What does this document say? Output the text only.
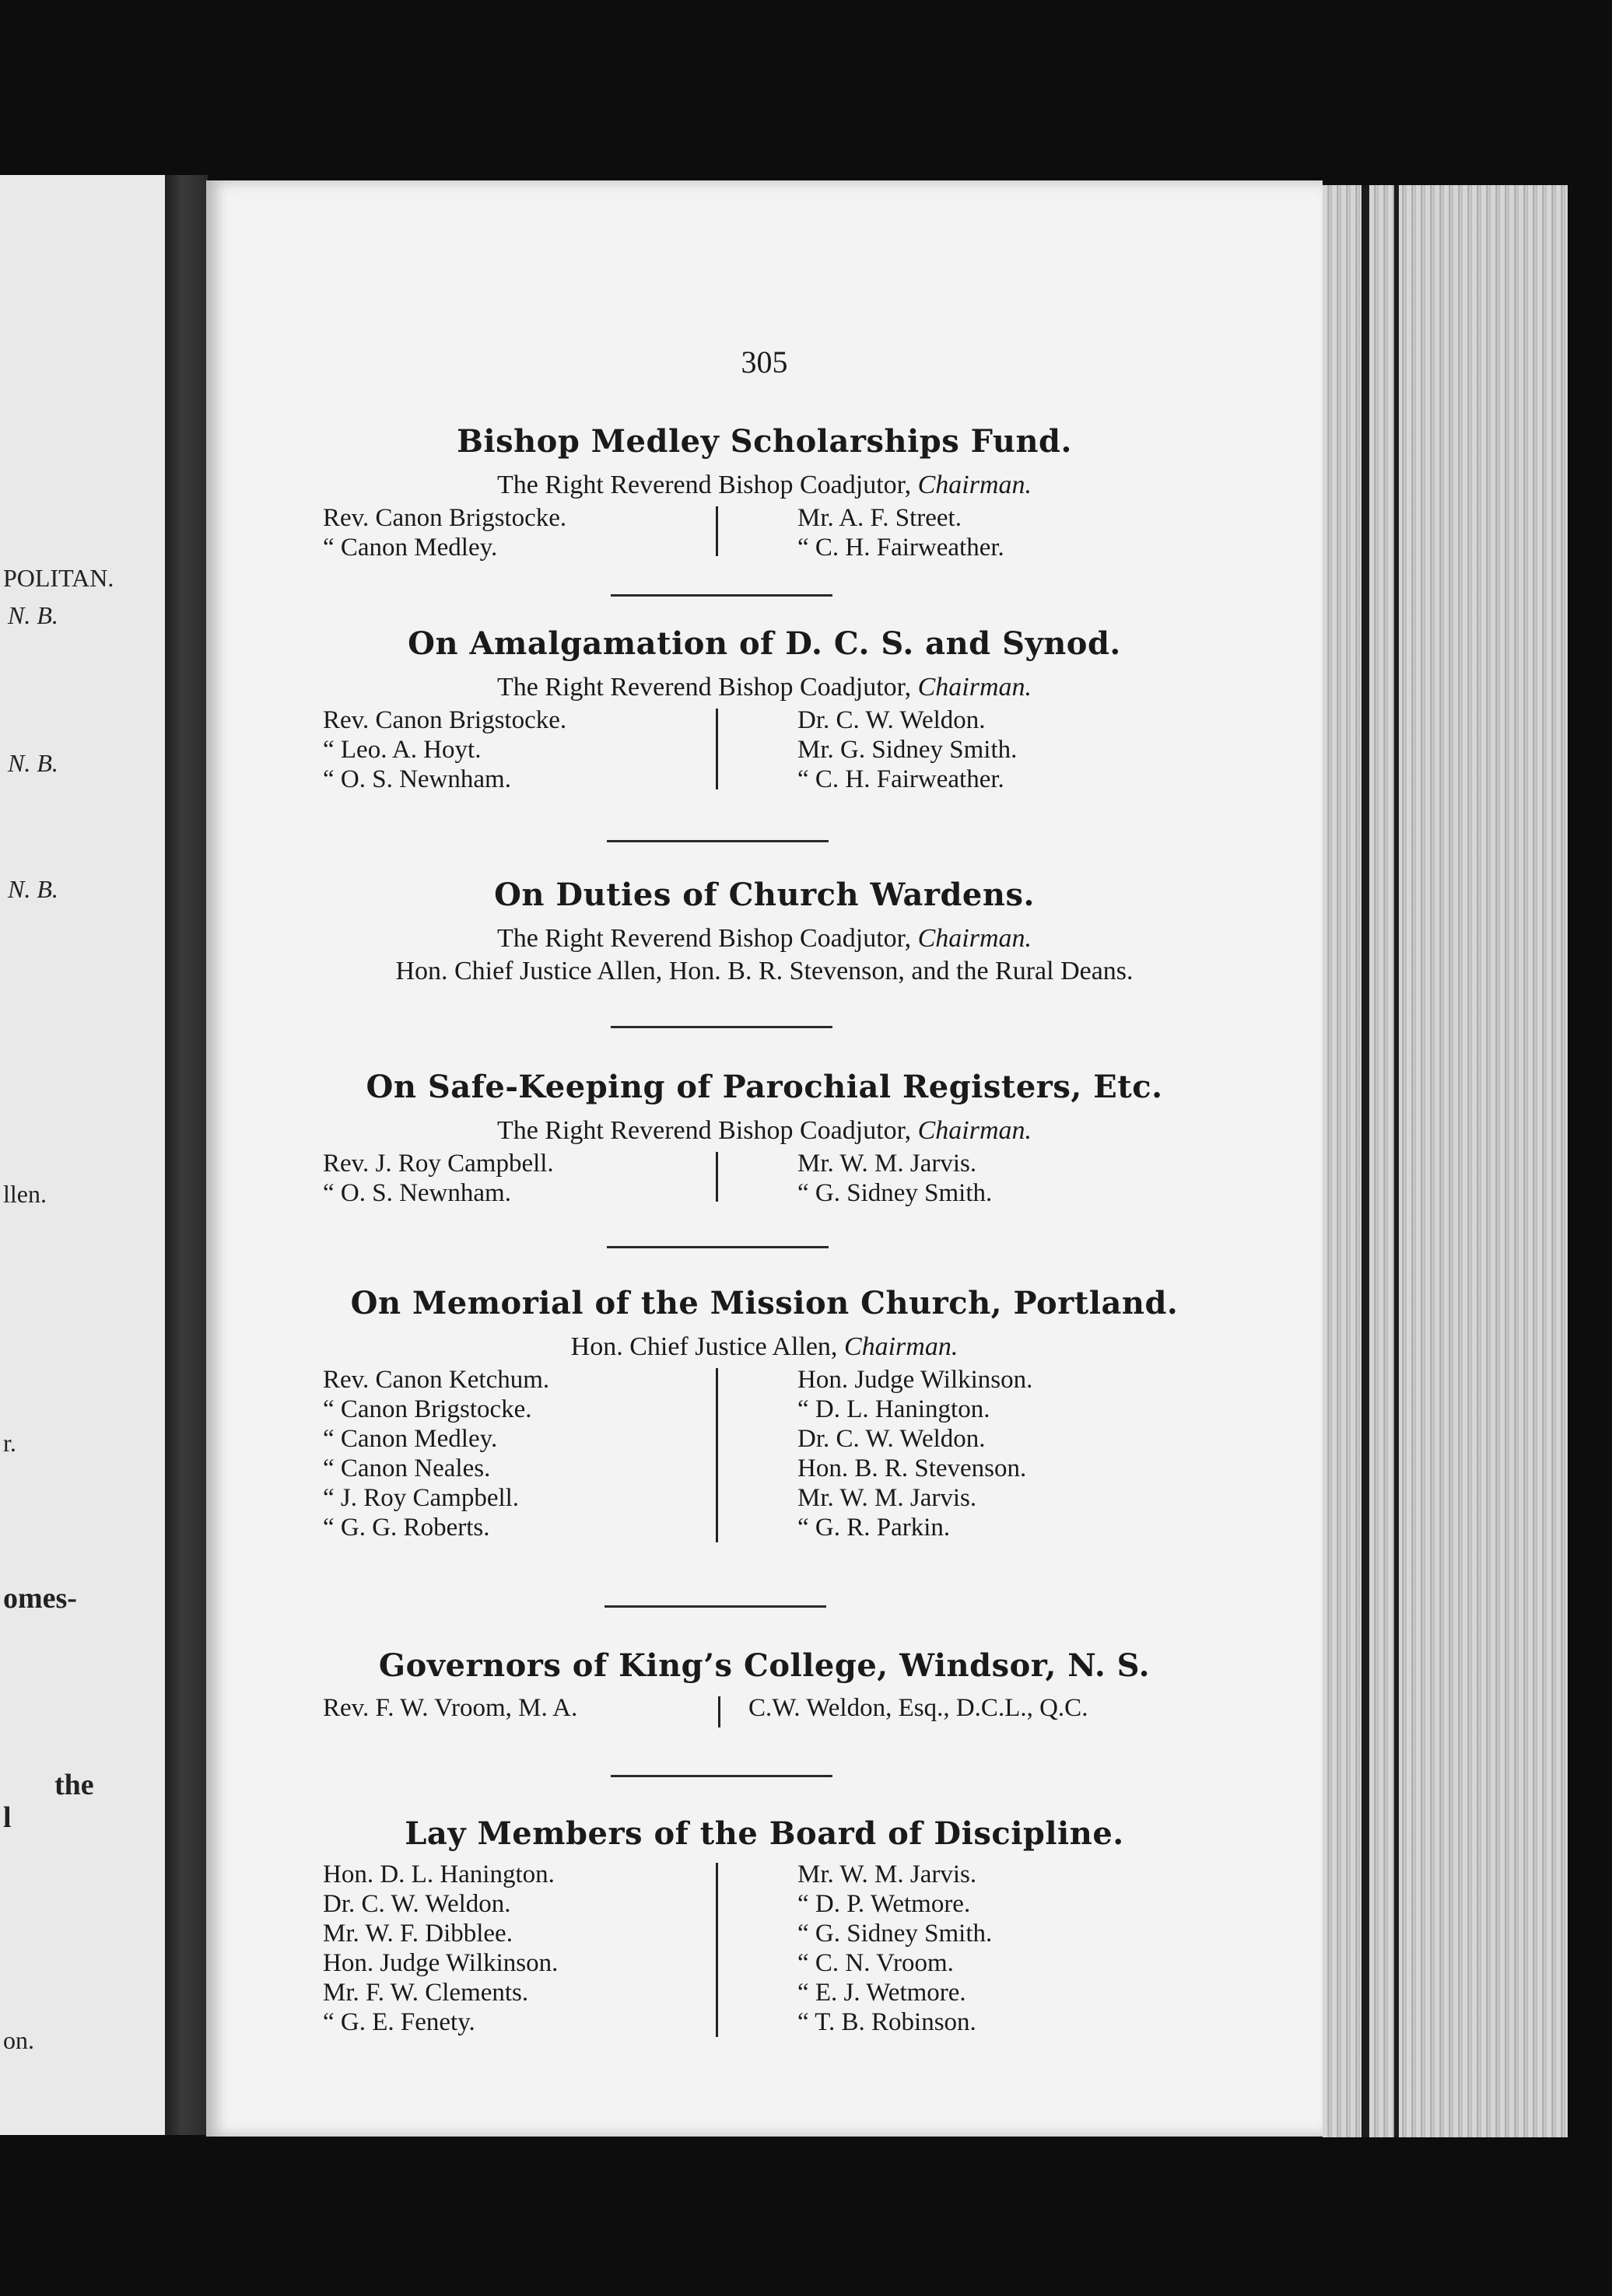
POLITAN.
N. B.
N. B.
N. B.
llen.
r.
omes-
the
l
on.
305
Bishop Medley Scholarships Fund.
The Right Reverend Bishop Coadjutor, Chairman.
Rev. Canon Brigstocke.
“ Canon Medley.
Mr. A. F. Street.
“ C. H. Fairweather.
On Amalgamation of D. C. S. and Synod.
The Right Reverend Bishop Coadjutor, Chairman.
Rev. Canon Brigstocke.
“ Leo. A. Hoyt.
“ O. S. Newnham.
Dr. C. W. Weldon.
Mr. G. Sidney Smith.
“ C. H. Fairweather.
On Duties of Church Wardens.
The Right Reverend Bishop Coadjutor, Chairman.
Hon. Chief Justice Allen, Hon. B. R. Stevenson, and the Rural Deans.
On Safe-Keeping of Parochial Registers, Etc.
The Right Reverend Bishop Coadjutor, Chairman.
Rev. J. Roy Campbell.
“ O. S. Newnham.
Mr. W. M. Jarvis.
“ G. Sidney Smith.
On Memorial of the Mission Church, Portland.
Hon. Chief Justice Allen, Chairman.
Rev. Canon Ketchum.
“ Canon Brigstocke.
“ Canon Medley.
“ Canon Neales.
“ J. Roy Campbell.
“ G. G. Roberts.
Hon. Judge Wilkinson.
“ D. L. Hanington.
Dr. C. W. Weldon.
Hon. B. R. Stevenson.
Mr. W. M. Jarvis.
“ G. R. Parkin.
Governors of King’s College, Windsor, N. S.
Rev. F. W. Vroom, M. A.	C.W. Weldon, Esq., D.C.L., Q.C.
Lay Members of the Board of Discipline.
Hon. D. L. Hanington.
Dr. C. W. Weldon.
Mr. W. F. Dibblee.
Hon. Judge Wilkinson.
Mr. F. W. Clements.
“ G. E. Fenety.
Mr. W. M. Jarvis.
“ D. P. Wetmore.
“ G. Sidney Smith.
“ C. N. Vroom.
“ E. J. Wetmore.
“ T. B. Robinson.
